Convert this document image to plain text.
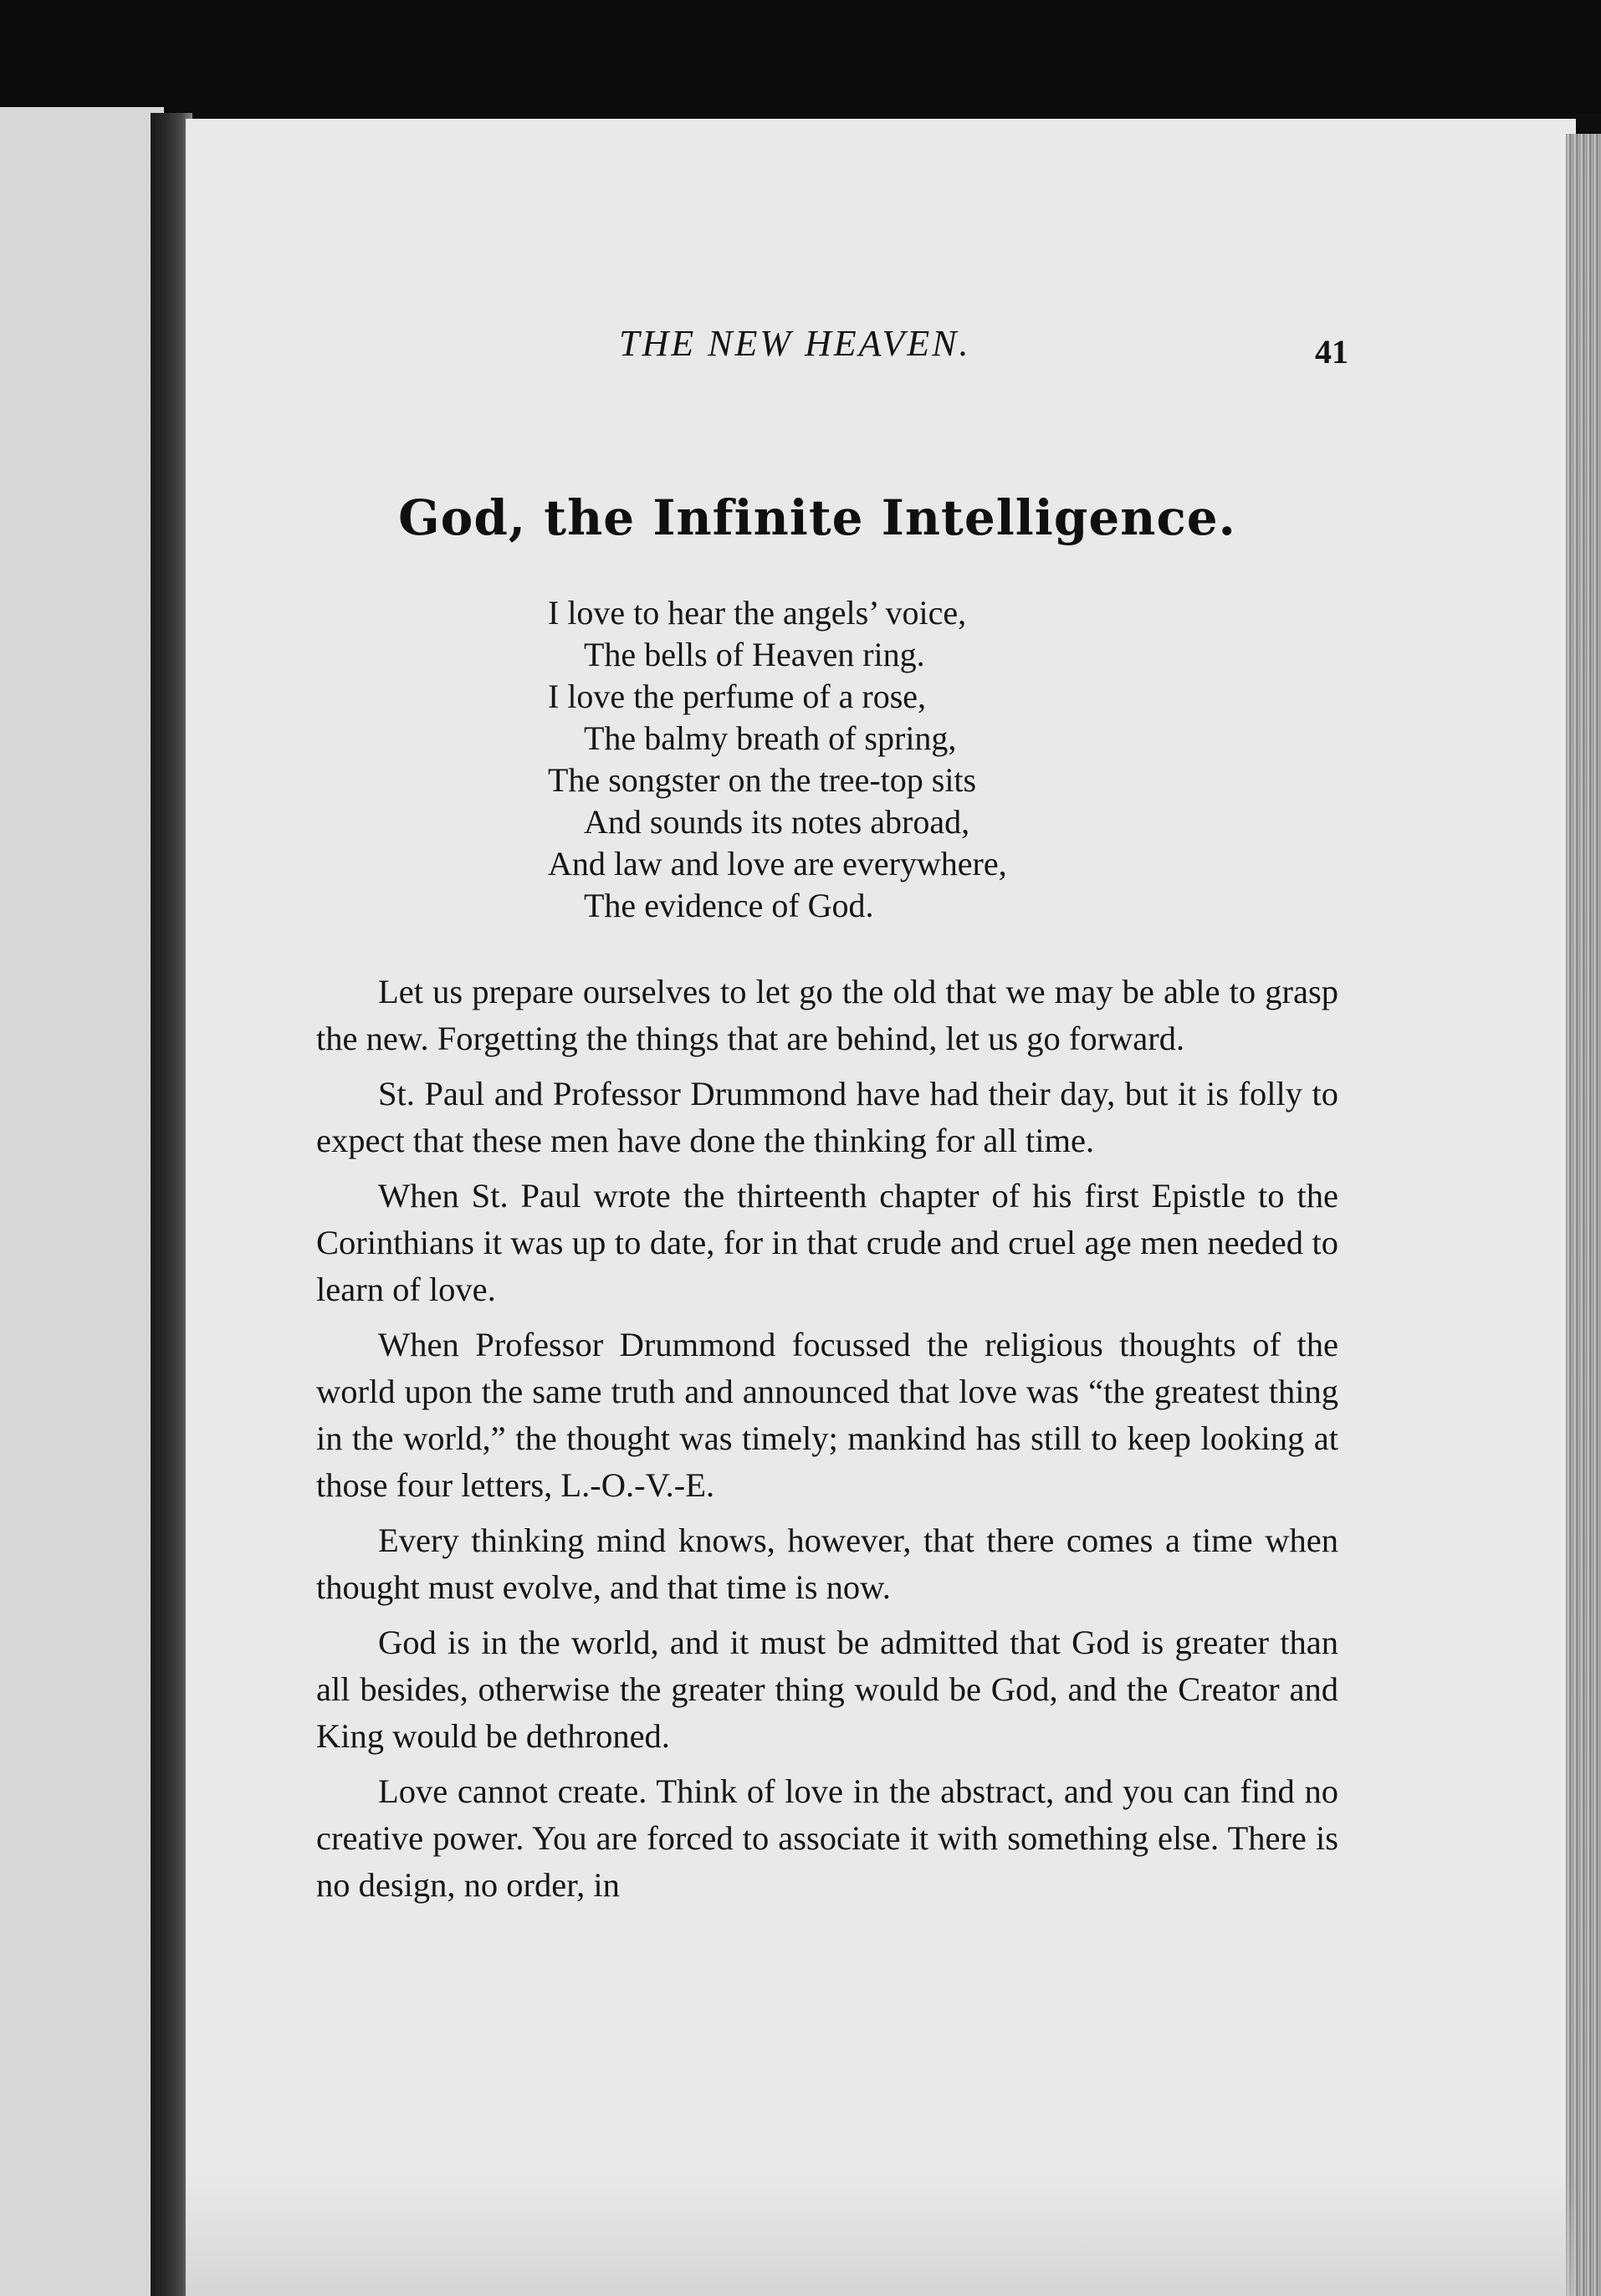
THE NEW HEAVEN.	41
God, the Infinite Intelligence.
I love to hear the angels’ voice,
The bells of Heaven ring.
I love the perfume of a rose,
The balmy breath of spring,
The songster on the tree-top sits
And sounds its notes abroad,
And law and love are everywhere,
The evidence of God.

Let us prepare ourselves to let go the old that we may be able to grasp the new. Forgetting the things that are behind, let us go forward.

St. Paul and Professor Drummond have had their day, but it is folly to expect that these men have done the thinking for all time.

When St. Paul wrote the thirteenth chapter of his first Epistle to the Corinthians it was up to date, for in that crude and cruel age men needed to learn of love.

When Professor Drummond focussed the religious thoughts of the world upon the same truth and announced that love was “the greatest thing in the world,” the thought was timely; mankind has still to keep looking at those four letters, L.-O.-V.-E.

Every thinking mind knows, however, that there comes a time when thought must evolve, and that time is now.

God is in the world, and it must be admitted that God is greater than all besides, otherwise the greater thing would be God, and the Creator and King would be dethroned.

Love cannot create. Think of love in the abstract, and you can find no creative power. You are forced to associate it with something else. There is no design, no order, in
